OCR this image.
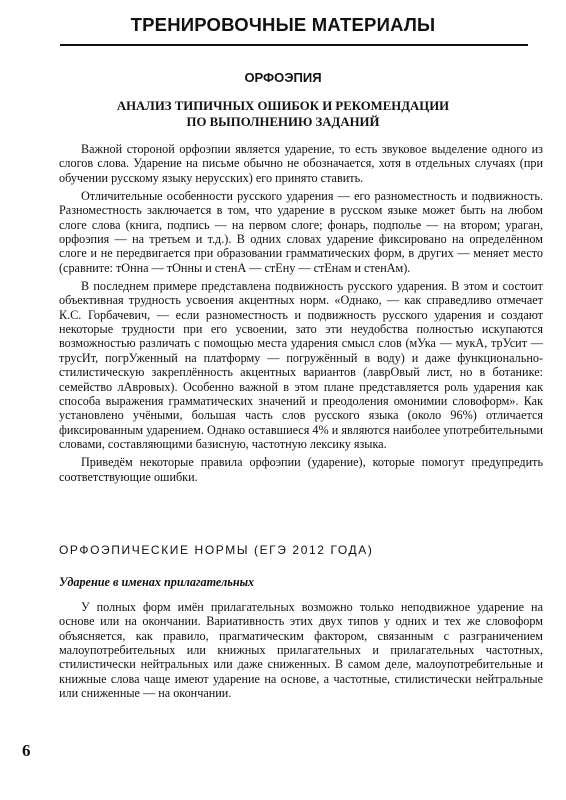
ТРЕНИРОВОЧНЫЕ МАТЕРИАЛЫ
ОРФОЭПИЯ
АНАЛИЗ ТИПИЧНЫХ ОШИБОК И РЕКОМЕНДАЦИИ
ПО ВЫПОЛНЕНИЮ ЗАДАНИЙ

Важной стороной орфоэпии является ударение, то есть звуковое выделение одного из слогов слова. Ударение на письме обычно не обозначается, хотя в отдельных случаях (при обучении русскому языку нерусских) его принято ставить.

Отличительные особенности русского ударения — его разноместность и подвижность. Разноместность заключается в том, что ударение в русском языке может быть на любом слоге слова (книга, подпись — на первом слоге; фонарь, подполье — на втором; ураган, орфоэпия — на третьем и т.д.). В одних словах ударение фиксировано на определённом слоге и не передвигается при образовании грамматических форм, в других — меняет место (сравните: тОнна — тОнны и стенА — стЕну — стЕнам и стенАм).

В последнем примере представлена подвижность русского ударения. В этом и состоит объективная трудность усвоения акцентных норм. «Однако, — как справедливо отмечает К.С. Горбачевич, — если разноместность и подвижность русского ударения и создают некоторые трудности при его усвоении, зато эти неудобства полностью искупаются возможностью различать с помощью места ударения смысл слов (мУка — мукА, трУсит — трусИт, погрУженный на платформу — погружённый в воду) и даже функционально-стилистическую закреплённость акцентных вариантов (лаврОвый лист, но в ботанике: семейство лАвровых). Особенно важной в этом плане представляется роль ударения как способа выражения грамматических значений и преодоления омонимии словоформ». Как установлено учёными, большая часть слов русского языка (около 96%) отличается фиксированным ударением. Однако оставшиеся 4% и являются наиболее употребительными словами, составляющими базисную, частотную лексику языка.

Приведём некоторые правила орфоэпии (ударение), которые помогут предупредить соответствующие ошибки.

ОРФОЭПИЧЕСКИЕ НОРМЫ (ЕГЭ 2012 ГОДА)
Ударение в именах прилагательных

У полных форм имён прилагательных возможно только неподвижное ударение на основе или на окончании. Вариативность этих двух типов у одних и тех же словоформ объясняется, как правило, прагматическим фактором, связанным с разграничением малоупотребительных или книжных прилагательных и прилагательных частотных, стилистически нейтральных или даже сниженных. В самом деле, малоупотребительные и книжные слова чаще имеют ударение на основе, а частотные, стилистически нейтральные или сниженные — на окончании.

6
